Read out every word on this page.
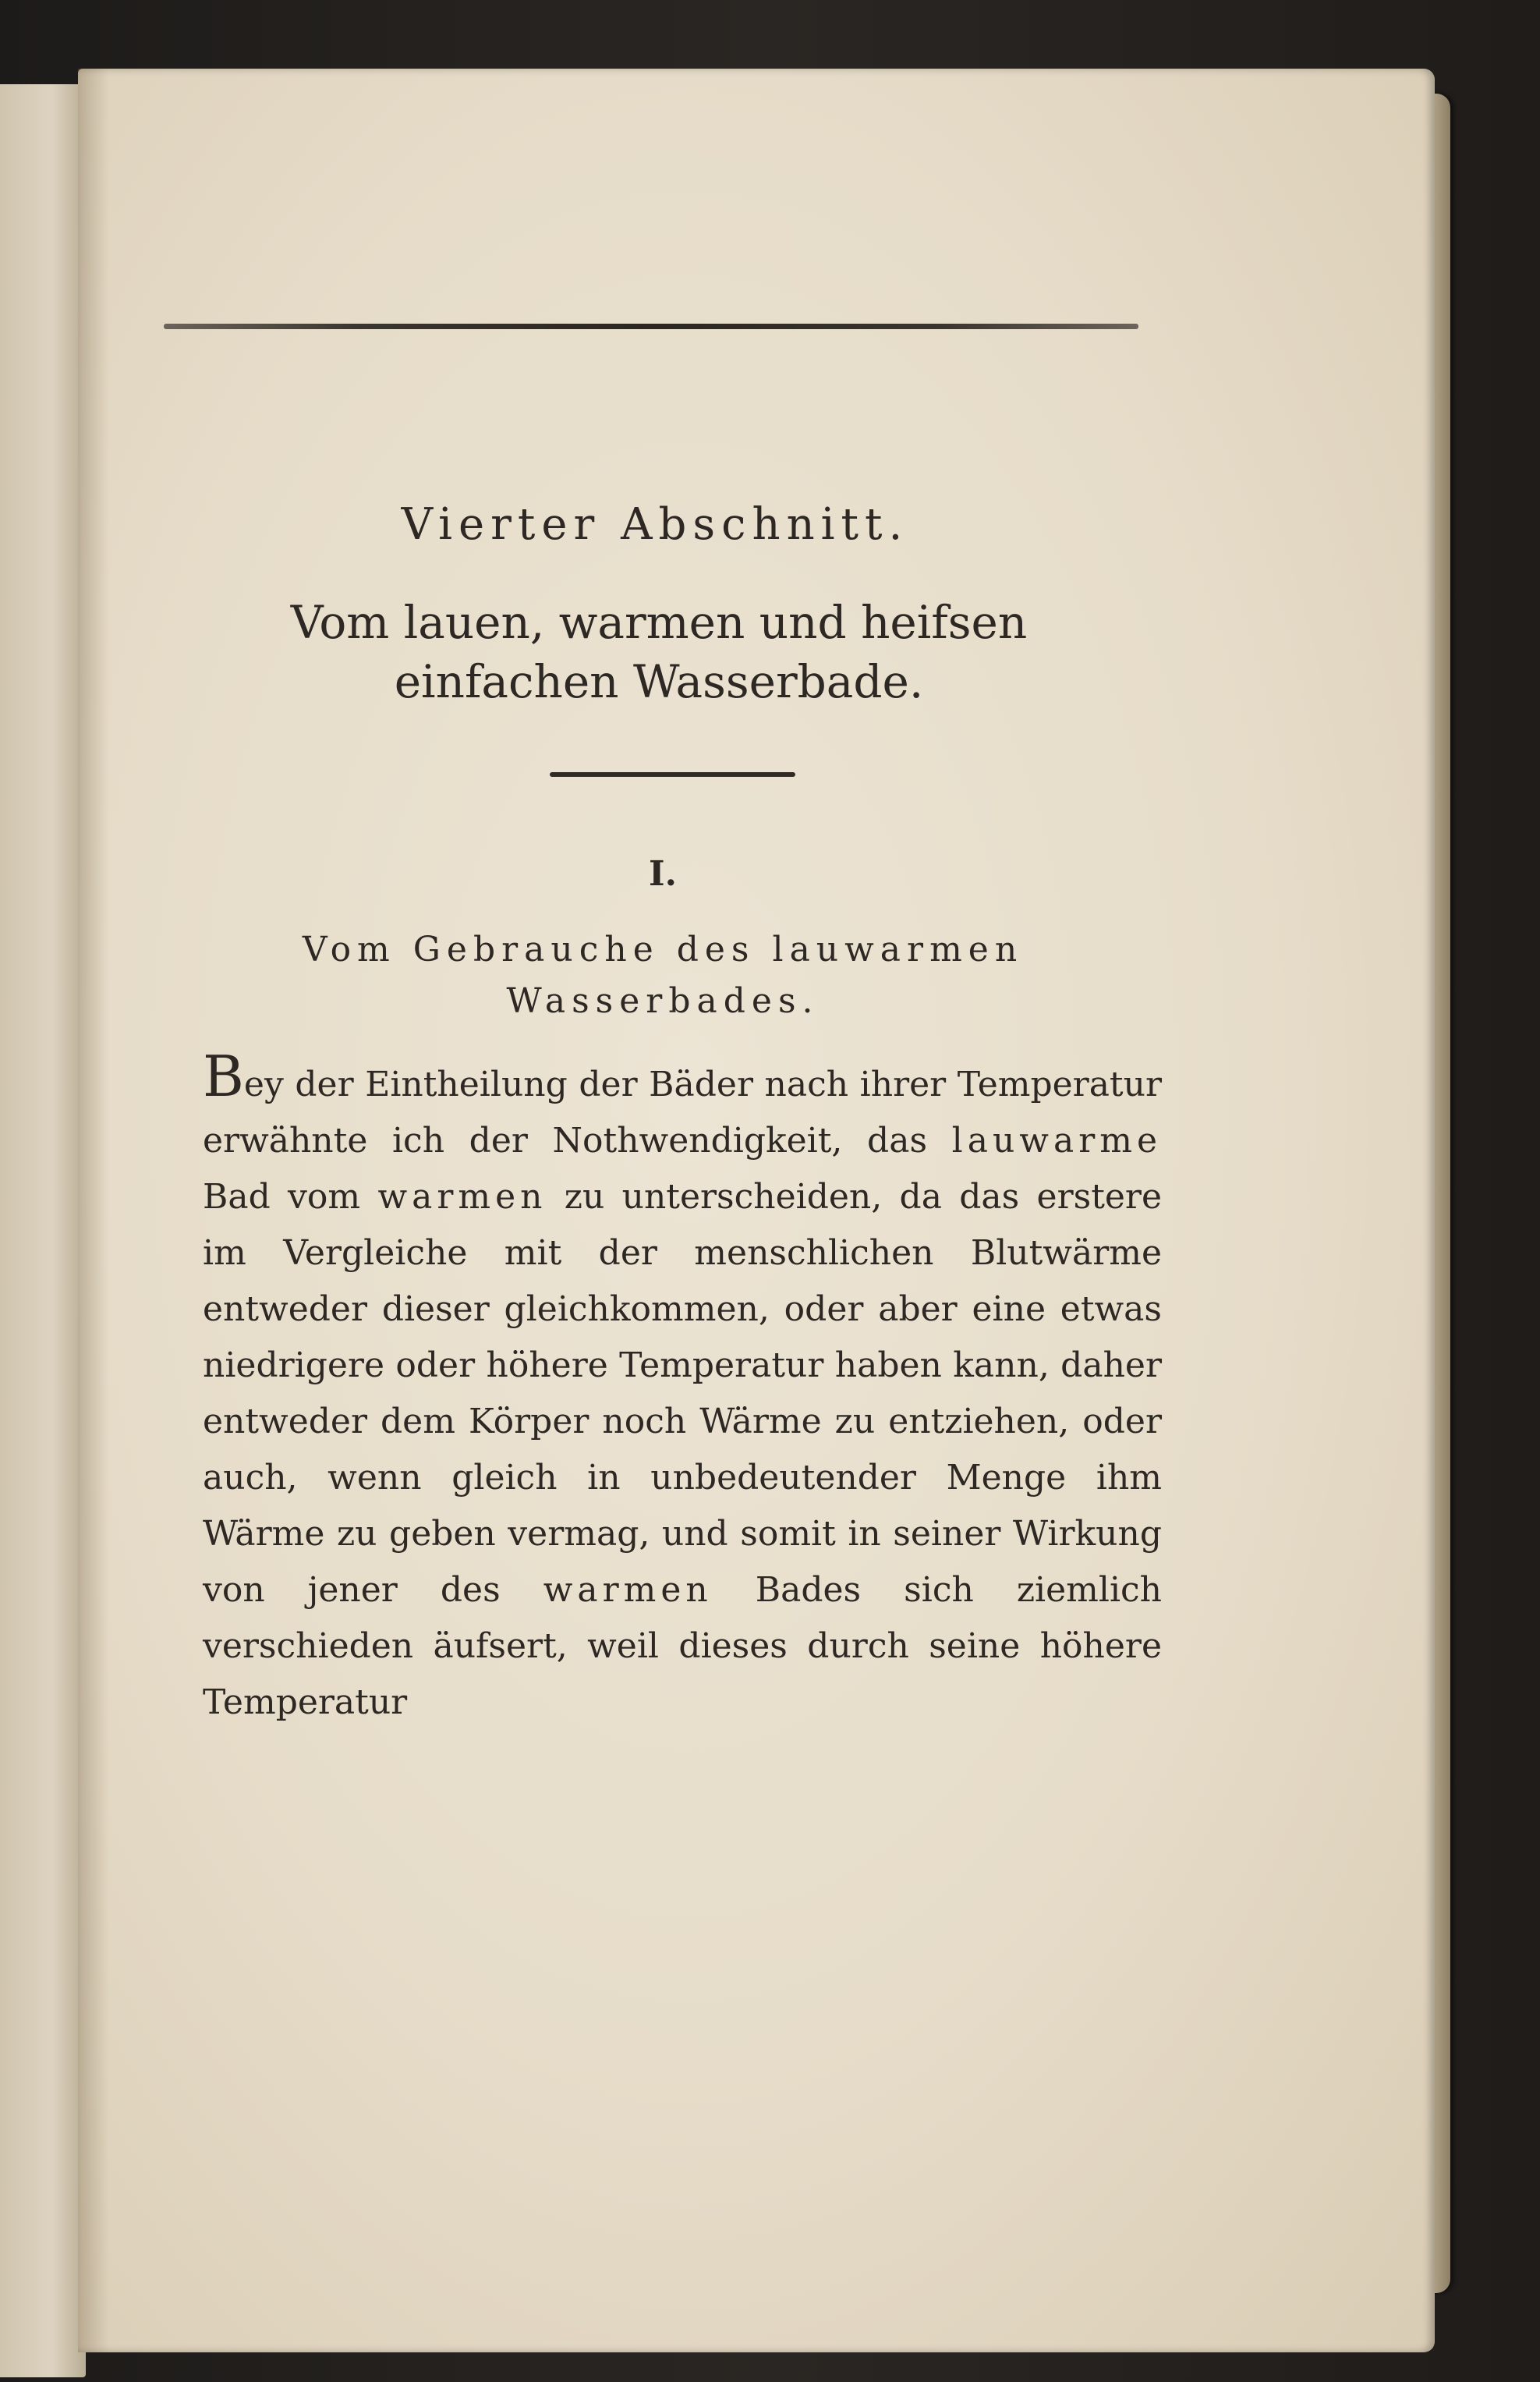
Vierter Abschnitt.
Vom lauen, warmen und heifsen einfachen Wasserbade.
I.
Vom Gebrauche des lauwarmen Wasserbades.

Bey der Eintheilung der Bäder nach ihrer Temperatur erwähnte ich der Nothwendigkeit, das lauwarme Bad vom warmen zu unterscheiden, da das erstere im Vergleiche mit der menschlichen Blutwärme entweder dieser gleichkommen, oder aber eine etwas niedrigere oder höhere Temperatur haben kann, daher entweder dem Körper noch Wärme zu entziehen, oder auch, wenn gleich in unbedeutender Menge ihm Wärme zu geben vermag, und somit in seiner Wirkung von jener des warmen Bades sich ziemlich verschieden äufsert, weil dieses durch seine höhere Temperatur
